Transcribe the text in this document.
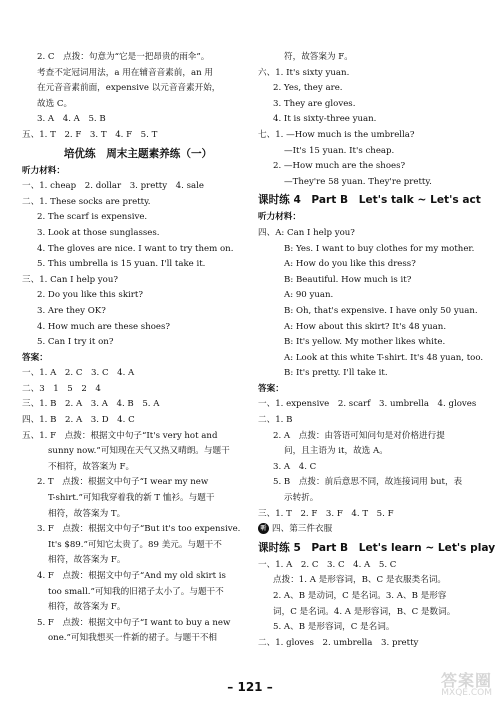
2. C　点拨：句意为“它是一把昂贵的雨伞”。
考查不定冠词用法，a 用在辅音音素前，an 用
在元音音素前面，expensive 以元音音素开始，
故选 C。
3. A　4. A　5. B
五、1. T　2. F　3. T　4. F　5. T
培优练　周末主题素养练（一）
听力材料：
一、1. cheap　2. dollar　3. pretty　4. sale
二、1. These socks are pretty.
2. The scarf is expensive.
3. Look at those sunglasses.
4. The gloves are nice. I want to try them on.
5. This umbrella is 15 yuan. I'll take it.
三、1. Can I help you?
2. Do you like this skirt?
3. Are they OK?
4. How much are these shoes?
5. Can I try it on?
答案：
一、1. A　2. C　3. C　4. A
二、3　1　5　2　4
三、1. B　2. A　3. A　4. B　5. A
四、1. B　2. A　3. D　4. C
五、1. F　点拨：根据文中句子“It's very hot and
sunny now.”可知现在天气又热又晴朗。与题干
不相符，故答案为 F。
2. T　点拨：根据文中句子“I wear my new
T-shirt.”可知我穿着我的新 T 恤衫。与题干
相符，故答案为 T。
3. F　点拨：根据文中句子“But it's too expensive.
It's $89.”可知它太贵了。89 美元。与题干不
相符，故答案为 F。
4. F　点拨：根据文中句子“And my old skirt is
too small.”可知我的旧裙子太小了。与题干不
相符，故答案为 F。
5. F　点拨：根据文中句子“I want to buy a new
one.”可知我想买一件新的裙子。与题干不相
符，故答案为 F。
六、1. It's sixty yuan.
2. Yes, they are.
3. They are gloves.
4. It is sixty-three yuan.
七、1. —How much is the umbrella?
—It's 15 yuan. It's cheap.
2. —How much are the shoes?
—They're 58 yuan. They're pretty.
课时练 4　Part B　Let's talk ~ Let's act
听力材料：
四、A: Can I help you?
B: Yes. I want to buy clothes for my mother.
A: How do you like this dress?
B: Beautiful. How much is it?
A: 90 yuan.
B: Oh, that's expensive. I have only 50 yuan.
A: How about this skirt? It's 48 yuan.
B: It's yellow. My mother likes white.
A: Look at this white T-shirt. It's 48 yuan, too.
B: It's pretty. I'll take it.
答案：
一、1. expensive　2. scarf　3. umbrella　4. gloves
二、1. B
2. A　点拨：由答语可知问句是对价格进行提
问，且主语为 it，故选 A。
3. A　4. C
5. B　点拨：前后意思不同，故连接词用 but，表
示转折。
三、1. T　2. F　3. F　4. T　5. F
听 四、第三件衣服
课时练 5　Part B　Let's learn ~ Let's play
一、1. A　2. C　3. C　4. A　5. C
点拨：1. A 是形容词，B、C 是衣服类名词。
2. A、B 是动词，C 是名词。3. A、B 是形容
词，C 是名词。4. A 是形容词，B、C 是数词。
5. A、B 是形容词，C 是名词。
二、1. gloves　2. umbrella　3. pretty
– 121 –	答案圈
MXQE.COM
